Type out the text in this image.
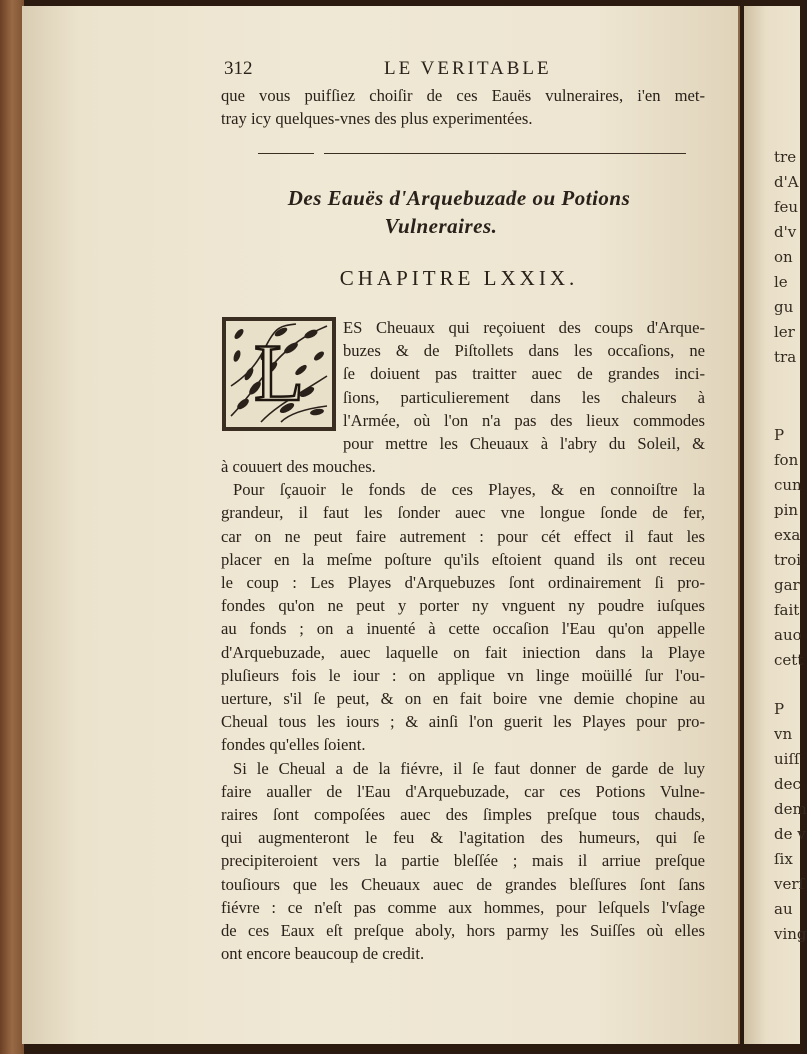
tre
d'A
feu
d'v
on
le
gu
ler
tra
P
fon
cun
pin
exa
troi
gar
fait
auo
cett
P
vn
uiſſ
dec
dem
de v
ſix
verſ
au
ving
312	LE VERITABLE
que vous puifſiez choiſir de ces Eauës vulneraires, i'en met-
tray icy quelques-vnes des plus experimentées.
Des Eauës d'Arquebuzade ou Potions
Vulneraires.
CHAPITRE LXXIX.
L ES Cheuaux qui reçoiuent des coups d'Arque-
buzes & de Piſtollets dans les occaſions, ne
ſe doiuent pas traitter auec de grandes inci-
ſions, particulierement dans les chaleurs à
l'Armée, où l'on n'a pas des lieux commodes
pour mettre les Cheuaux à l'abry du Soleil, &
à couuert des mouches.
Pour ſçauoir le fonds de ces Playes, & en connoiſtre la
grandeur, il faut les ſonder auec vne longue ſonde de fer,
car on ne peut faire autrement : pour cét effect il faut les
placer en la meſme poſture qu'ils eſtoient quand ils ont receu
le coup : Les Playes d'Arquebuzes ſont ordinairement ſi pro-
fondes qu'on ne peut y porter ny vnguent ny poudre iuſques
au fonds ; on a inuenté à cette occaſion l'Eau qu'on appelle
d'Arquebuzade, auec laquelle on fait iniection dans la Playe
pluſieurs fois le iour : on applique vn linge moüillé ſur l'ou-
uerture, s'il ſe peut, & on en fait boire vne demie chopine au
Cheual tous les iours ; & ainſi l'on guerit les Playes pour pro-
fondes qu'elles ſoient.
Si le Cheual a de la fiévre, il ſe faut donner de garde de luy
faire aualler de l'Eau d'Arquebuzade, car ces Potions Vulne-
raires ſont compoſées auec des ſimples preſque tous chauds,
qui augmenteront le feu & l'agitation des humeurs, qui ſe
precipiteroient vers la partie bleſſée ; mais il arriue preſque
touſiours que les Cheuaux auec de grandes bleſſures ſont ſans
fiévre : ce n'eſt pas comme aux hommes, pour leſquels l'vſage
de ces Eaux eſt preſque aboly, hors parmy les Suiſſes où elles
ont encore beaucoup de credit.
